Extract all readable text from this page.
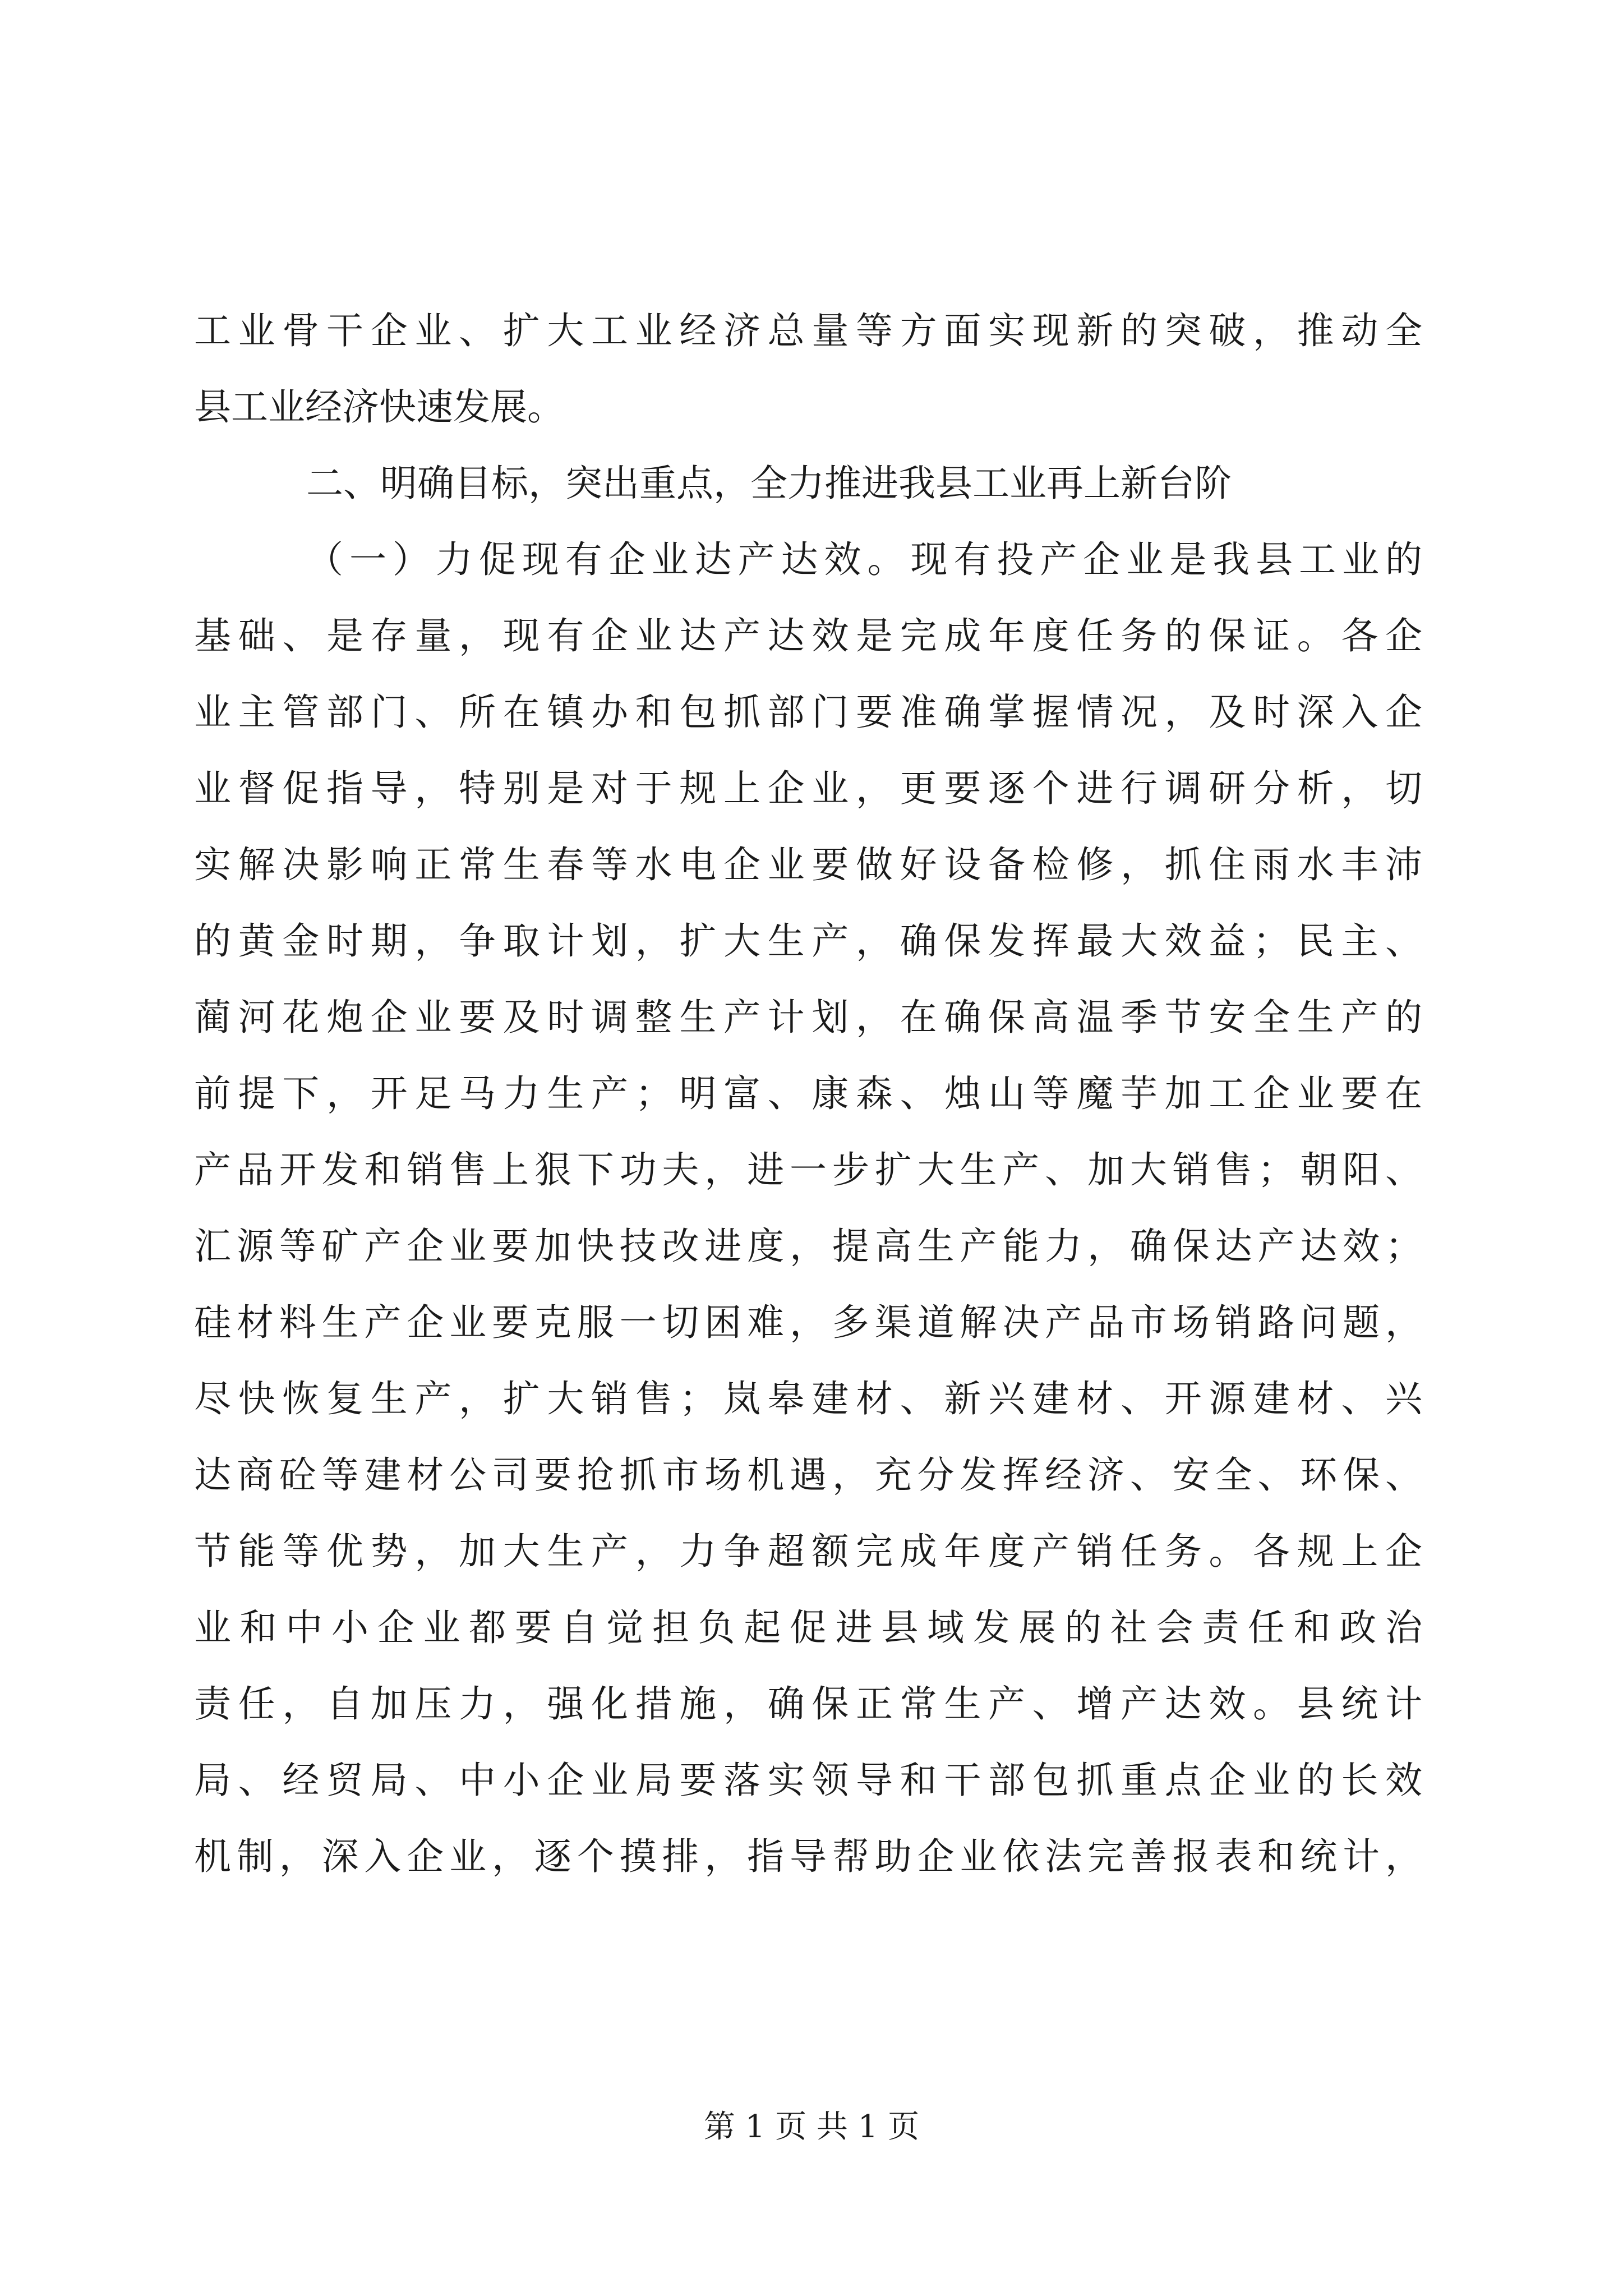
工业骨干企业、扩大工业经济总量等方面实现新的突破，推动全
县工业经济快速发展。
二、明确目标，突出重点，全力推进我县工业再上新台阶
（一）力促现有企业达产达效。现有投产企业是我县工业的
基础、是存量，现有企业达产达效是完成年度任务的保证。各企
业主管部门、所在镇办和包抓部门要准确掌握情况，及时深入企
业督促指导，特别是对于规上企业，更要逐个进行调研分析，切
实解决影响正常生春等水电企业要做好设备检修，抓住雨水丰沛
的黄金时期，争取计划，扩大生产，确保发挥最大效益；民主、
蔺河花炮企业要及时调整生产计划，在确保高温季节安全生产的
前提下，开足马力生产；明富、康森、烛山等魔芋加工企业要在
产品开发和销售上狠下功夫，进一步扩大生产、加大销售；朝阳、
汇源等矿产企业要加快技改进度，提高生产能力，确保达产达效；
硅材料生产企业要克服一切困难，多渠道解决产品市场销路问题，
尽快恢复生产，扩大销售；岚皋建材、新兴建材、开源建材、兴
达商砼等建材公司要抢抓市场机遇，充分发挥经济、安全、环保、
节能等优势，加大生产，力争超额完成年度产销任务。各规上企
业和中小企业都要自觉担负起促进县域发展的社会责任和政治
责任，自加压力，强化措施，确保正常生产、增产达效。县统计
局、经贸局、中小企业局要落实领导和干部包抓重点企业的长效
机制，深入企业，逐个摸排，指导帮助企业依法完善报表和统计，
第 1 页 共 1 页
